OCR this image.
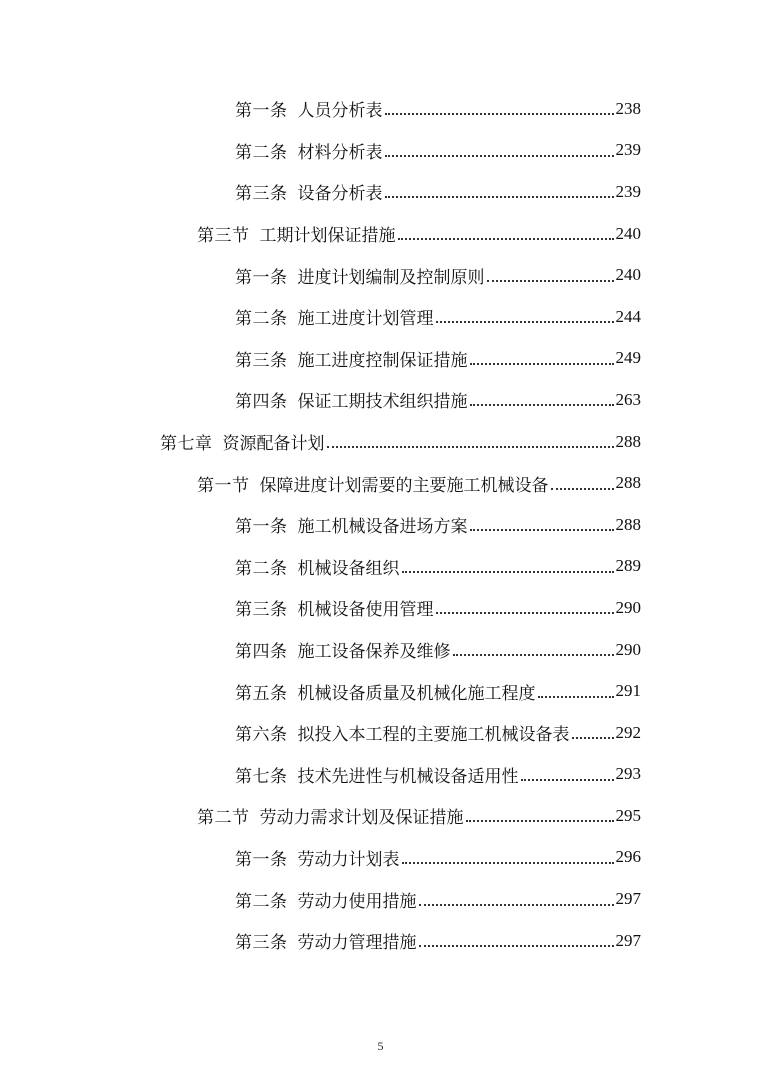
第一条 人员分析表	238
第二条 材料分析表	239
第三条 设备分析表	239
第三节 工期计划保证措施	240
第一条 进度计划编制及控制原则	240
第二条 施工进度计划管理	244
第三条 施工进度控制保证措施	249
第四条 保证工期技术组织措施	263
第七章 资源配备计划	288
第一节 保障进度计划需要的主要施工机械设备	288
第一条 施工机械设备进场方案	288
第二条 机械设备组织	289
第三条 机械设备使用管理	290
第四条 施工设备保养及维修	290
第五条 机械设备质量及机械化施工程度	291
第六条 拟投入本工程的主要施工机械设备表	292
第七条 技术先进性与机械设备适用性	293
第二节 劳动力需求计划及保证措施	295
第一条 劳动力计划表	296
第二条 劳动力使用措施	297
第三条 劳动力管理措施	297
5
